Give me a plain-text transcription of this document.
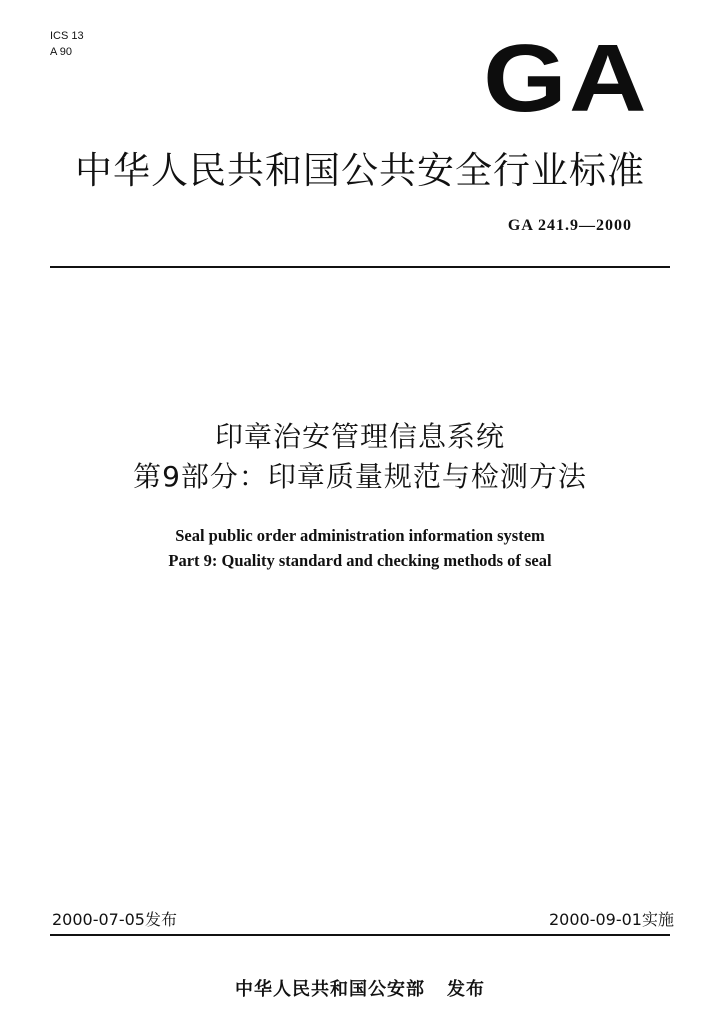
ICS 13
A 90	GA
中华人民共和国公共安全行业标准
GA 241.9—2000
印章治安管理信息系统
第9部分：印章质量规范与检测方法
Seal public order administration information system
Part 9: Quality standard and checking methods of seal
2000-07-05发布	2000-09-01实施
中华人民共和国公安部 发布
